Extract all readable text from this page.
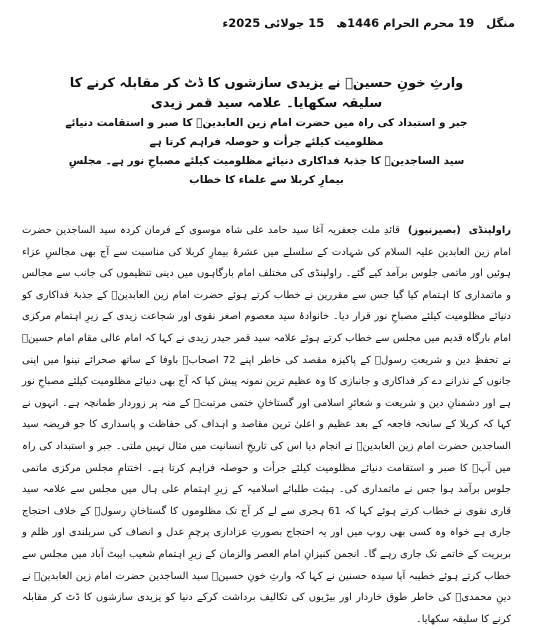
منگل 19 محرم الحرام 1446ھ 15 جولائی 2025ء
وارثِ خونِ حسینؑ نے یزیدی سازشوں کا ڈٹ کر مقابلہ کرنے کا سلیقہ سکھایا۔ علامہ سید قمر زیدی

جبر و استبداد کی راہ میں حضرت امام زین العابدینؑ کا صبر و استقامت دنیائے مظلومیت کیلئے جرأت و حوصلہ فراہم کرتا ہے

سید الساجدینؑ کا جذبۂ فداکاری دنیائے مظلومیت کیلئے مصباحِ نور ہے۔ مجلسِ بیمارِ کربلا سے علماء کا خطاب

راولپنڈی  (بصیرنیوز)  قائدِ ملت جعفریہ آغا سید حامد علی شاہ موسوی کے فرمان کردہ سید الساجدین حضرت امام زین العابدین علیہ السلام کی شہادت کے سلسلے میں عشرۂ بیمارِ کربلا کی مناسبت سے آج بھی مجالسِ عزاء ہوئیں اور ماتمی جلوس برآمد کیے گئے۔ راولپنڈی کی مختلف امام بارگاہوں میں دینی تنظیموں کی جانب سے مجالس و ماتمداری کا اہتمام کیا گیا جس سے مقررین نے خطاب کرتے ہوئے حضرت امام زین العابدینؑ کے جذبۂ فداکاری کو دنیائے مظلومیت کیلئے مصباحِ نور قرار دیا۔ خانوادۂ سید معصوم اصغر نقوی اور شجاعت زیدی کے زیرِ اہتمام مرکزی امام بارگاہ قدیم میں مجلس سے خطاب کرتے ہوئے علامہ سید قمر حیدر زیدی نے کہا کہ امام عالی مقام امام حسینؑ نے تحفظِ دین و شریعتِ رسولؐ کے پاکیزہ مقصد کی خاطر اپنے 72 اصحابؓ باوفا کے ساتھ صحرائے نینوا میں اپنی جانوں کے نذرانے دے کر فداکاری و جانبازی کا وہ عظیم ترین نمونہ پیش کیا کہ آج بھی دنیائے مظلومیت کیلئے مصباحِ نور ہے اور دشمنانِ دین و شریعت و شعائرِ اسلامی اور گستاخانِ ختمی مرتبتؐ کے منہ پر زوردار طمانچہ ہے۔ انہوں نے کہا کہ کربلا کے سانحہ فاجعہ کے بعد عظیم و اعلیٰ ترین مقاصد و اہداف کی حفاظت و پاسداری کا جو فریضہ سید الساجدین حضرت امام زین العابدینؑ نے انجام دیا اس کی تاریخِ انسانیت میں مثال نہیں ملتی۔ جبر و استبداد کی راہ میں آپؑ کا صبر و استقامت دنیائے مظلومیت کیلئے جرأت و حوصلہ فراہم کرتا ہے۔ اختتامِ مجلس مرکزی ماتمی جلوس برآمد ہوا جس نے ماتمداری کی۔ ہیئت طلبائے اسلامیہ کے زیرِ اہتمام علی ہال میں مجلس سے علامہ سید قاری نقوی نے خطاب کرتے ہوئے کہا کہ 61 ہجری سے لے کر آج تک مظلوموں کا گستاخانِ رسولؐ کے خلاف احتجاج جاری ہے خواہ وہ کسی بھی روپ میں اور یہ احتجاج بصورتِ عزاداری پرچمِ عدل و انصاف کی سربلندی اور ظلم و بربریت کے خاتمے تک جاری رہے گا۔ انجمن کنیزانِ امام العصر والزمان کے زیرِ اہتمام شعیب ایبٹ آباد میں مجلس سے خطاب کرتے ہوئے خطیبہ آپا سیدہ حسنین نے کہا کہ وارثِ خونِ حسینؑ سید الساجدین حضرت امام زین العابدینؑ نے دینِ محمدیؐ کی خاطر طوق خاردار اور بیڑیوں کی تکالیف برداشت کرکے دنیا کو یزیدی سازشوں کا ڈٹ کر مقابلہ کرنے کا سلیقہ سکھایا۔
